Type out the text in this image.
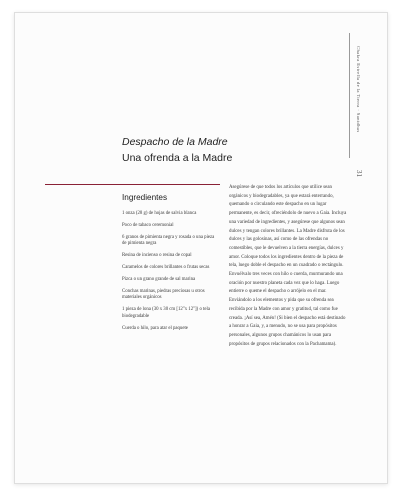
Chakra Estrella de la Tierra · Sanidhas
31
Despacho de la Madre
Una ofrenda a la Madre
Ingredientes
1 onza (28 g) de hojas de salvia blanca
Poco de tabaco ceremonial
6 granos de pimienta negra y rosada o una pieza de pimienta negra
Resina de incienso o resina de copal
Caramelos de colores brillantes o frutas secas
Pizca o un grano grande de sal marina
Conchas marinas, piedras preciosas u otros materiales orgánicos
1 pieza de lona (30 x 30 cm [12"x 12"]) o tela biodegradable
Cuerda o hilo, para atar el paquete

Asegúrese de que todos los artículos que utilice sean orgánicos y biodegradables, ya que estará enterrando, quemando o circulando este despacho en un lugar permanente, es decir, ofreciéndolo de nuevo a Gaia. Incluya una variedad de ingredientes, y asegúrese que algunos sean dulces y tengan colores brillantes. La Madre disfruta de los dulces y las golosinas, así como de las ofrendas no comestibles, que le devuelven a la tierra energías, dulces y amor. Coloque todos los ingredientes dentro de la pieza de tela, luego doble el despacho en un cuadrado o rectángulo. Envuélvalo tres veces con hilo o cuerda, murmurando una oración por nuestro planeta cada vez que lo haga. Luego entierre o queme el despacho o arrójelo en el mar. Enviándolo a los elementos y pida que su ofrenda sea recibida por la Madre con amor y gratitud, tal como fue creada. ¡Así sea, Amén! (Si bien el despacho está destinado a honrar a Gaia, y, a menudo, no se usa para propósitos personales, algunos grupos chamánicos lo usan para propósitos de grupos relacionados con la Pachamama).
